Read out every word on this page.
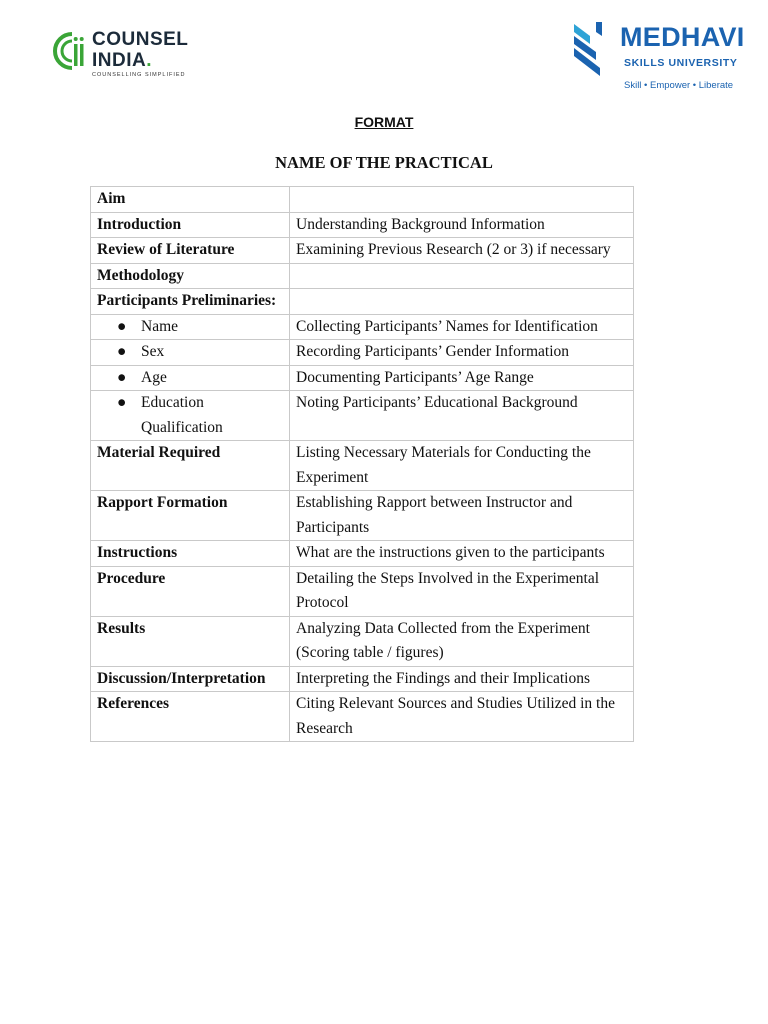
COUNSEL
INDIA.
COUNSELLING SIMPLIFIED
MEDHAVI
SKILLS UNIVERSITY
Skill • Empower • Liberate
FORMAT
NAME OF THE PRACTICAL
Aim	
Introduction	Understanding Background Information
Review of Literature	Examining Previous Research (2 or 3) if necessary
Methodology	
Participants Preliminaries:	

● Name	Collecting Participants’ Names for Identification

● Sex	Recording Participants’ Gender Information

● Age	Documenting Participants’ Age Range

● Education Qualification	Noting Participants’ Educational Background
Material Required	Listing Necessary Materials for Conducting the Experiment
Rapport Formation	Establishing Rapport between Instructor and Participants
Instructions	What are the instructions given to the participants
Procedure	Detailing the Steps Involved in the Experimental Protocol
Results	Analyzing Data Collected from the Experiment (Scoring table / figures)
Discussion/Interpretation	Interpreting the Findings and their Implications
References	Citing Relevant Sources and Studies Utilized in the Research
